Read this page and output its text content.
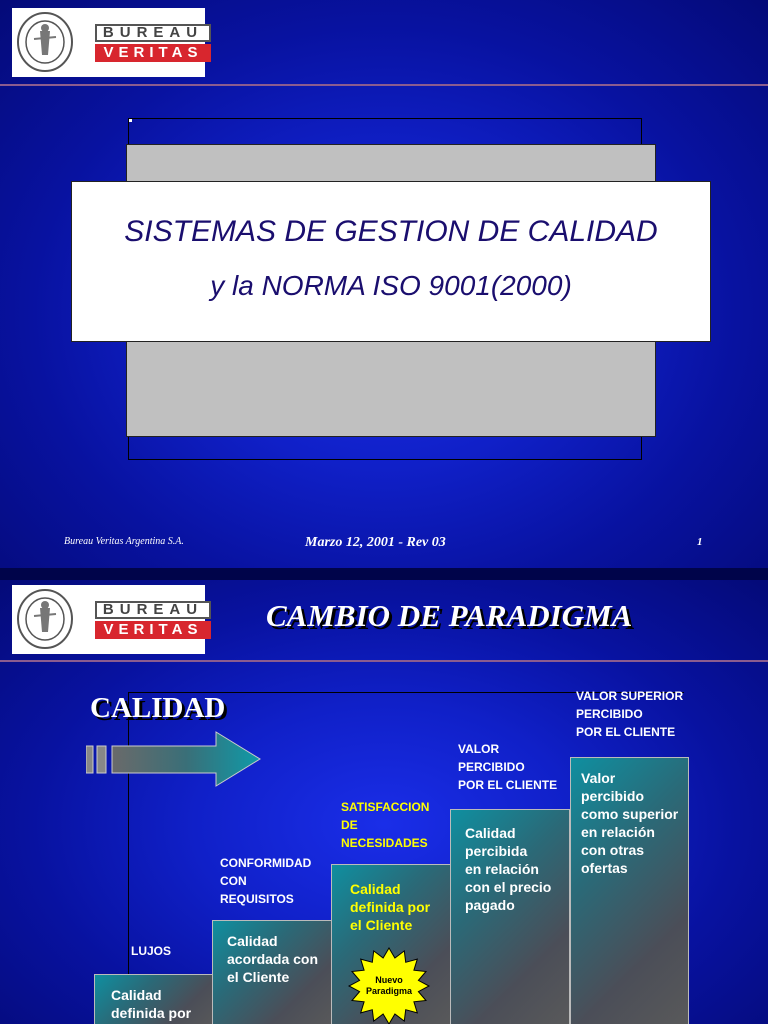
BUREAU
VERITAS
SISTEMAS DE GESTION DE CALIDAD
y la NORMA ISO 9001(2000)
Bureau Veritas Argentina S.A.	Marzo 12, 2001 - Rev 03	1
BUREAU
VERITAS CAMBIO DE PARADIGMA
CALIDAD
Calidad
definida por
LUJOS
Calidad
acordada con
el Cliente
CONFORMIDAD
CON
REQUISITOS
Calidad
definida por
el Cliente
SATISFACCION
DE
NECESIDADES
Calidad
percibida
en relación
con el precio
pagado
VALOR
PERCIBIDO
POR EL CLIENTE Valor
percibido
como superior
en relación
con otras
ofertas
VALOR SUPERIOR
PERCIBIDO
POR EL CLIENTE
Nuevo
Paradigma
